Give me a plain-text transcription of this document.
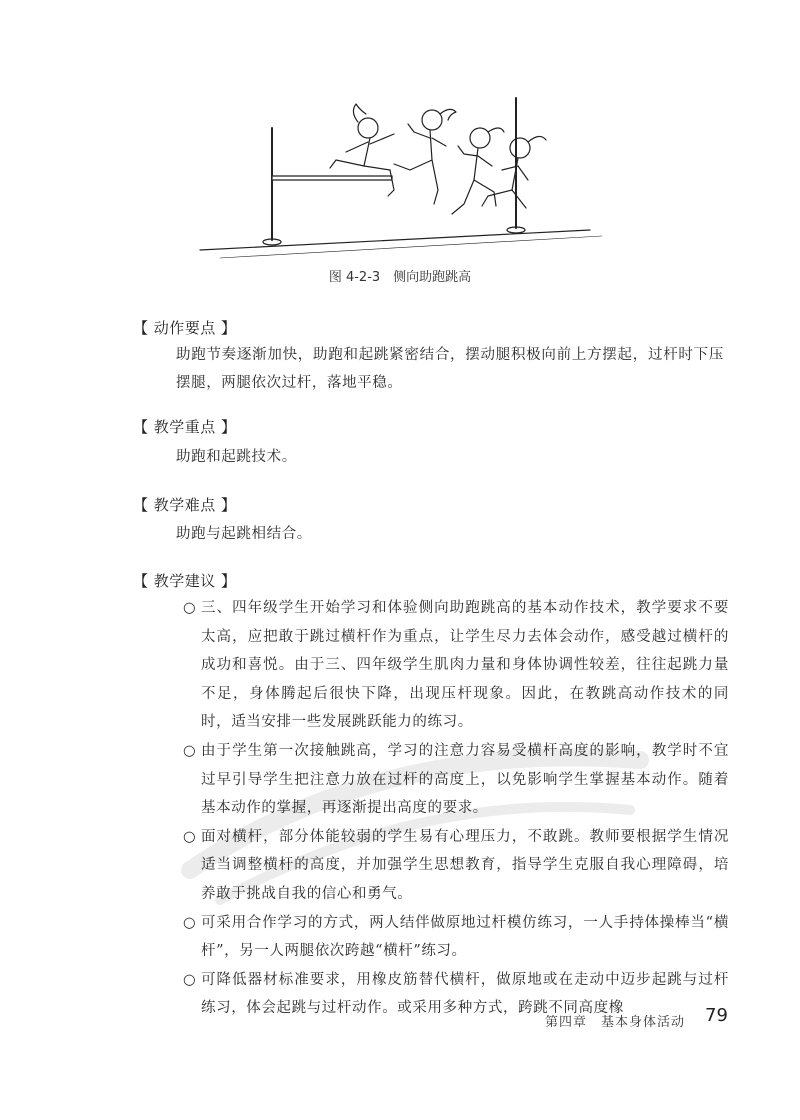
图 4-2-3　侧向助跑跳高
【 动作要点 】
助跑节奏逐渐加快，助跑和起跳紧密结合，摆动腿积极向前上方摆起，过杆时下压摆腿，两腿依次过杆，落地平稳。
【 教学重点 】
助跑和起跳技术。
【 教学难点 】
助跑与起跳相结合。
【 教学建议 】
○ 三、四年级学生开始学习和体验侧向助跑跳高的基本动作技术，教学要求不要太高，应把敢于跳过横杆作为重点，让学生尽力去体会动作，感受越过横杆的成功和喜悦。由于三、四年级学生肌肉力量和身体协调性较差，往往起跳力量不足，身体腾起后很快下降，出现压杆现象。因此，在教跳高动作技术的同时，适当安排一些发展跳跃能力的练习。
○ 由于学生第一次接触跳高，学习的注意力容易受横杆高度的影响，教学时不宜过早引导学生把注意力放在过杆的高度上，以免影响学生掌握基本动作。随着基本动作的掌握，再逐渐提出高度的要求。
○ 面对横杆，部分体能较弱的学生易有心理压力，不敢跳。教师要根据学生情况适当调整横杆的高度，并加强学生思想教育，指导学生克服自我心理障碍，培养敢于挑战自我的信心和勇气。
○ 可采用合作学习的方式，两人结伴做原地过杆模仿练习，一人手持体操棒当“横杆”，另一人两腿依次跨越“横杆”练习。
○ 可降低器材标准要求，用橡皮筋替代横杆，做原地或在走动中迈步起跳与过杆练习，体会起跳与过杆动作。或采用多种方式，跨跳不同高度橡
第四章　基本身体活动 79
